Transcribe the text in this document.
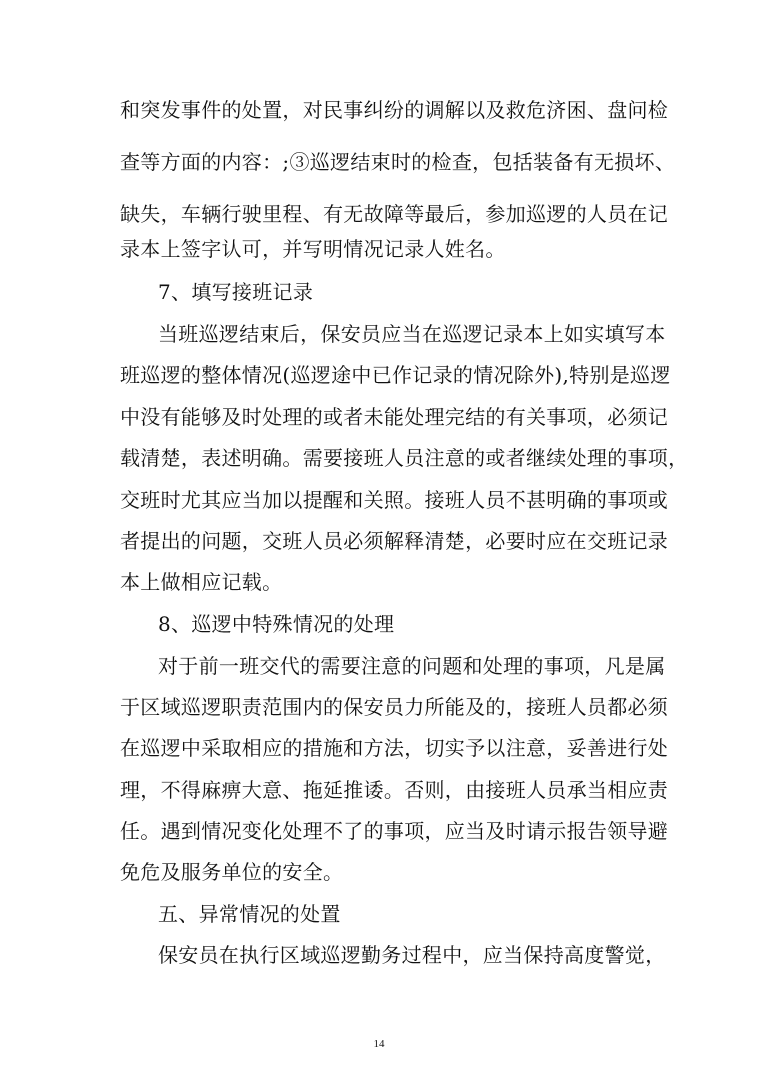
和突发事件的处置，对民事纠纷的调解以及救危济困、盘问检
查等方面的内容：;③巡逻结束时的检查，包括装备有无损坏、
缺失，车辆行驶里程、有无故障等最后，参加巡逻的人员在记
录本上签字认可，并写明情况记录人姓名。
7、填写接班记录
当班巡逻结束后，保安员应当在巡逻记录本上如实填写本
班巡逻的整体情况(巡逻途中已作记录的情况除外),特别是巡逻
中没有能够及时处理的或者未能处理完结的有关事项，必须记
载清楚，表述明确。需要接班人员注意的或者继续处理的事项，
交班时尤其应当加以提醒和关照。接班人员不甚明确的事项或
者提出的问题，交班人员必须解释清楚，必要时应在交班记录
本上做相应记载。
8、巡逻中特殊情况的处理
对于前一班交代的需要注意的问题和处理的事项，凡是属
于区域巡逻职责范围内的保安员力所能及的，接班人员都必须
在巡逻中采取相应的措施和方法，切实予以注意，妥善进行处
理，不得麻痹大意、拖延推诿。否则，由接班人员承当相应责
任。遇到情况变化处理不了的事项，应当及时请示报告领导避
免危及服务单位的安全。
五、异常情况的处置
保安员在执行区域巡逻勤务过程中，应当保持高度警觉，
14
